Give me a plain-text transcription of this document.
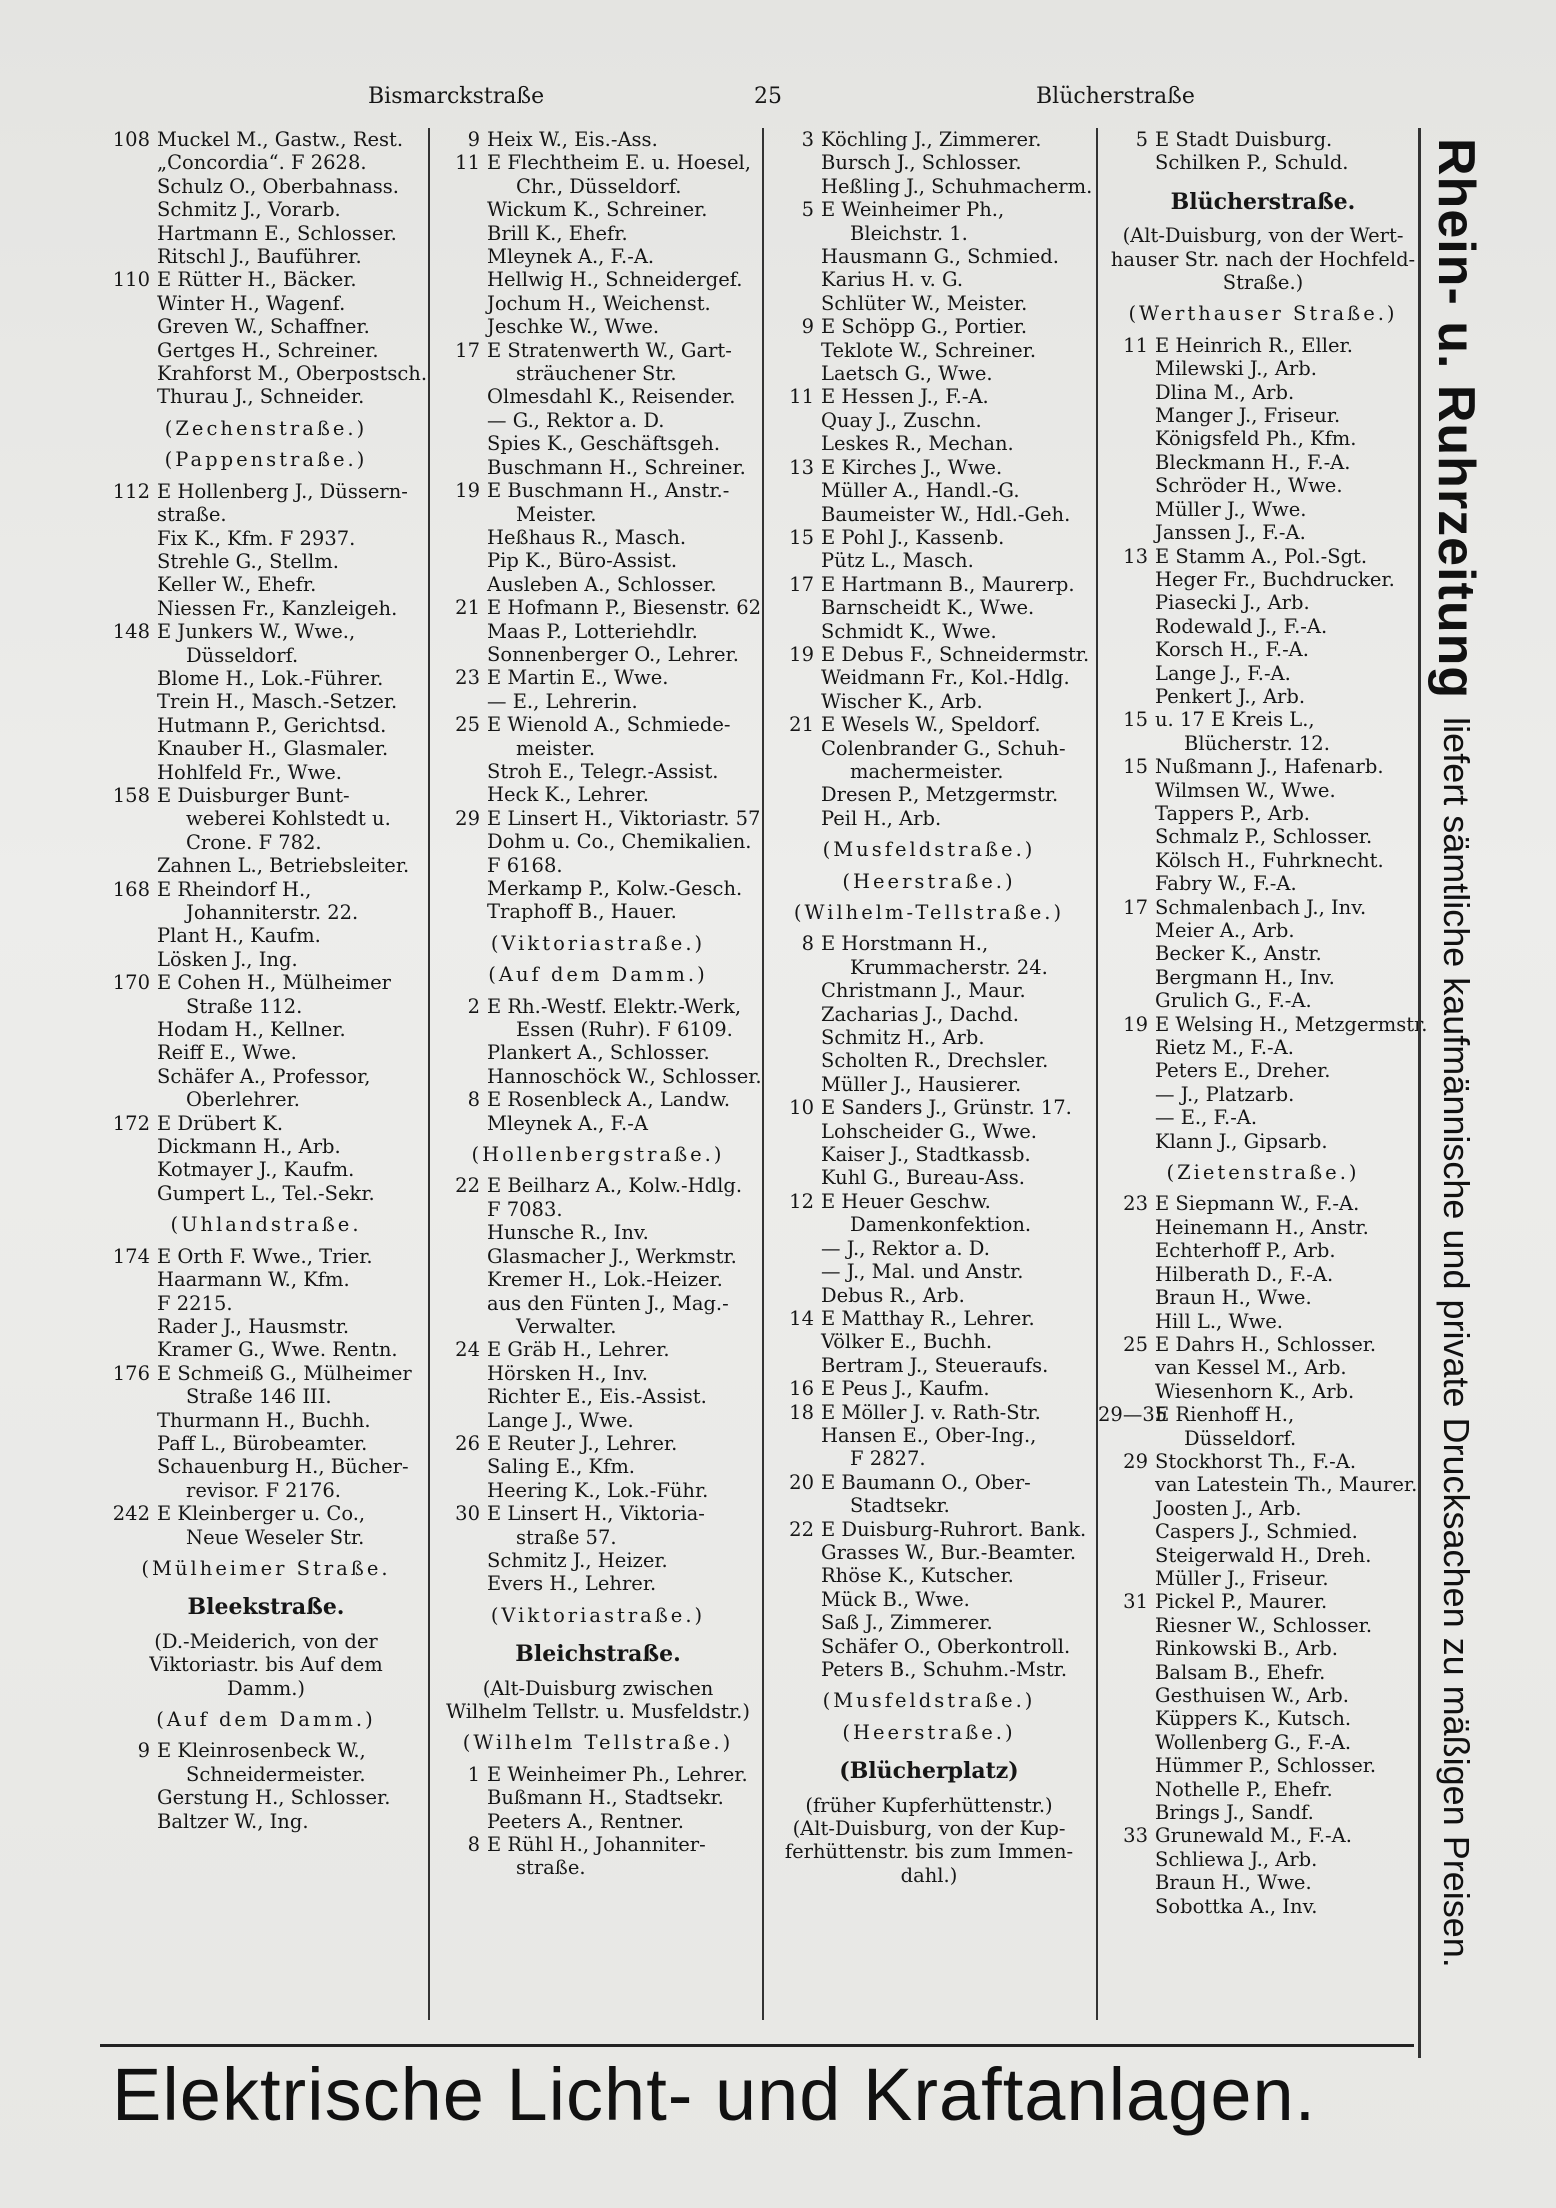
Bismarckstraße	25	Blücherstraße
108 Muckel M., Gastw., Rest.
„Concordia“. F 2628.
Schulz O., Oberbahnass.
Schmitz J., Vorarb.
Hartmann E., Schlosser.
Ritschl J., Bauführer.
110 E Rütter H., Bäcker.
Winter H., Wagenf.
Greven W., Schaffner.
Gertges H., Schreiner.
Krahforst M., Oberpostsch.
Thurau J., Schneider.
(Zechenstraße.)
(Pappenstraße.)
112 E Hollenberg J., Düssern-
straße.
Fix K., Kfm. F 2937.
Strehle G., Stellm.
Keller W., Ehefr.
Niessen Fr., Kanzleigeh.
148 E Junkers W., Wwe.,
Düsseldorf.
Blome H., Lok.-Führer.
Trein H., Masch.-Setzer.
Hutmann P., Gerichtsd.
Knauber H., Glasmaler.
Hohlfeld Fr., Wwe.
158 E Duisburger Bunt-
weberei Kohlstedt u.
Crone. F 782.
Zahnen L., Betriebsleiter.
168 E Rheindorf H.,
Johanniterstr. 22.
Plant H., Kaufm.
Lösken J., Ing.
170 E Cohen H., Mülheimer
Straße 112.
Hodam H., Kellner.
Reiff E., Wwe.
Schäfer A., Professor,
Oberlehrer.
172 E Drübert K.
Dickmann H., Arb.
Kotmayer J., Kaufm.
Gumpert L., Tel.-Sekr.
(Uhlandstraße.
174 E Orth F. Wwe., Trier.
Haarmann W., Kfm.
F 2215.
Rader J., Hausmstr.
Kramer G., Wwe. Rentn.
176 E Schmeiß G., Mülheimer
Straße 146 III.
Thurmann H., Buchh.
Paff L., Bürobeamter.
Schauenburg H., Bücher-
revisor. F 2176.
242 E Kleinberger u. Co.,
Neue Weseler Str.
(Mülheimer Straße.
Bleekstraße.
(D.-Meiderich, von der
Viktoriastr. bis Auf dem
Damm.)
(Auf dem Damm.)
9 E Kleinrosenbeck W.,
Schneidermeister.
Gerstung H., Schlosser.
Baltzer W., Ing.
9 Heix W., Eis.-Ass.
11 E Flechtheim E. u. Hoesel,
Chr., Düsseldorf.
Wickum K., Schreiner.
Brill K., Ehefr.
Mleynek A., F.-A.
Hellwig H., Schneidergef.
Jochum H., Weichenst.
Jeschke W., Wwe.
17 E Stratenwerth W., Gart-
sträuchener Str.
Olmesdahl K., Reisender.
— G., Rektor a. D.
Spies K., Geschäftsgeh.
Buschmann H., Schreiner.
19 E Buschmann H., Anstr.-
Meister.
Heßhaus R., Masch.
Pip K., Büro-Assist.
Ausleben A., Schlosser.
21 E Hofmann P., Biesenstr. 62
Maas P., Lotteriehdlr.
Sonnenberger O., Lehrer.
23 E Martin E., Wwe.
— E., Lehrerin.
25 E Wienold A., Schmiede-
meister.
Stroh E., Telegr.-Assist.
Heck K., Lehrer.
29 E Linsert H., Viktoriastr. 57
Dohm u. Co., Chemikalien.
F 6168.
Merkamp P., Kolw.-Gesch.
Traphoff B., Hauer.
(Viktoriastraße.)
(Auf dem Damm.)
2 E Rh.-Westf. Elektr.-Werk,
Essen (Ruhr). F 6109.
Plankert A., Schlosser.
Hannoschöck W., Schlosser.
8 E Rosenbleck A., Landw.
Mleynek A., F.-A
(Hollenbergstraße.)
22 E Beilharz A., Kolw.-Hdlg.
F 7083.
Hunsche R., Inv.
Glasmacher J., Werkmstr.
Kremer H., Lok.-Heizer.
aus den Fünten J., Mag.-
Verwalter.
24 E Gräb H., Lehrer.
Hörsken H., Inv.
Richter E., Eis.-Assist.
Lange J., Wwe.
26 E Reuter J., Lehrer.
Saling E., Kfm.
Heering K., Lok.-Führ.
30 E Linsert H., Viktoria-
straße 57.
Schmitz J., Heizer.
Evers H., Lehrer.
(Viktoriastraße.)
Bleichstraße.
(Alt-Duisburg zwischen
Wilhelm Tellstr. u. Musfeldstr.)
(Wilhelm Tellstraße.)
1 E Weinheimer Ph., Lehrer.
Bußmann H., Stadtsekr.
Peeters A., Rentner.
8 E Rühl H., Johanniter-
straße.
3 Köchling J., Zimmerer.
Bursch J., Schlosser.
Heßling J., Schuhmacherm.
5 E Weinheimer Ph.,
Bleichstr. 1.
Hausmann G., Schmied.
Karius H. v. G.
Schlüter W., Meister.
9 E Schöpp G., Portier.
Teklote W., Schreiner.
Laetsch G., Wwe.
11 E Hessen J., F.-A.
Quay J., Zuschn.
Leskes R., Mechan.
13 E Kirches J., Wwe.
Müller A., Handl.-G.
Baumeister W., Hdl.-Geh.
15 E Pohl J., Kassenb.
Pütz L., Masch.
17 E Hartmann B., Maurerp.
Barnscheidt K., Wwe.
Schmidt K., Wwe.
19 E Debus F., Schneidermstr.
Weidmann Fr., Kol.-Hdlg.
Wischer K., Arb.
21 E Wesels W., Speldorf.
Colenbrander G., Schuh-
machermeister.
Dresen P., Metzgermstr.
Peil H., Arb.
(Musfeldstraße.)
(Heerstraße.)
(Wilhelm-Tellstraße.)
8 E Horstmann H.,
Krummacherstr. 24.
Christmann J., Maur.
Zacharias J., Dachd.
Schmitz H., Arb.
Scholten R., Drechsler.
Müller J., Hausierer.
10 E Sanders J., Grünstr. 17.
Lohscheider G., Wwe.
Kaiser J., Stadtkassb.
Kuhl G., Bureau-Ass.
12 E Heuer Geschw.
Damenkonfektion.
— J., Rektor a. D.
— J., Mal. und Anstr.
Debus R., Arb.
14 E Matthay R., Lehrer.
Völker E., Buchh.
Bertram J., Steueraufs.
16 E Peus J., Kaufm.
18 E Möller J. v. Rath-Str.
Hansen E., Ober-Ing.,
F 2827.
20 E Baumann O., Ober-
Stadtsekr.
22 E Duisburg-Ruhrort. Bank.
Grasses W., Bur.-Beamter.
Rhöse K., Kutscher.
Mück B., Wwe.
Saß J., Zimmerer.
Schäfer O., Oberkontroll.
Peters B., Schuhm.-Mstr.
(Musfeldstraße.)
(Heerstraße.)
(Blücherplatz)
(früher Kupferhüttenstr.)
(Alt-Duisburg, von der Kup-
ferhüttenstr. bis zum Immen-
dahl.)
5 E Stadt Duisburg.
Schilken P., Schuld.
Blücherstraße.
(Alt-Duisburg, von der Wert-
hauser Str. nach der Hochfeld-
Straße.)
(Werthauser Straße.)
11 E Heinrich R., Eller.
Milewski J., Arb.
Dlina M., Arb.
Manger J., Friseur.
Königsfeld Ph., Kfm.
Bleckmann H., F.-A.
Schröder H., Wwe.
Müller J., Wwe.
Janssen J., F.-A.
13 E Stamm A., Pol.-Sgt.
Heger Fr., Buchdrucker.
Piasecki J., Arb.
Rodewald J., F.-A.
Korsch H., F.-A.
Lange J., F.-A.
Penkert J., Arb.
15 u. 17 E Kreis L.,
Blücherstr. 12.
15 Nußmann J., Hafenarb.
Wilmsen W., Wwe.
Tappers P., Arb.
Schmalz P., Schlosser.
Kölsch H., Fuhrknecht.
Fabry W., F.-A.
17 Schmalenbach J., Inv.
Meier A., Arb.
Becker K., Anstr.
Bergmann H., Inv.
Grulich G., F.-A.
19 E Welsing H., Metzgermstr.
Rietz M., F.-A.
Peters E., Dreher.
— J., Platzarb.
— E., F.-A.
Klann J., Gipsarb.
(Zietenstraße.)
23 E Siepmann W., F.-A.
Heinemann H., Anstr.
Echterhoff P., Arb.
Hilberath D., F.-A.
Braun H., Wwe.
Hill L., Wwe.
25 E Dahrs H., Schlosser.
van Kessel M., Arb.
Wiesenhorn K., Arb.
29—35E Rienhoff H.,
Düsseldorf.
29 Stockhorst Th., F.-A.
van Latestein Th., Maurer.
Joosten J., Arb.
Caspers J., Schmied.
Steigerwald H., Dreh.
Müller J., Friseur.
31 Pickel P., Maurer.
Riesner W., Schlosser.
Rinkowski B., Arb.
Balsam B., Ehefr.
Gesthuisen W., Arb.
Küppers K., Kutsch.
Wollenberg G., F.-A.
Hümmer P., Schlosser.
Nothelle P., Ehefr.
Brings J., Sandf.
33 Grunewald M., F.-A.
Schliewa J., Arb.
Braun H., Wwe.
Sobottka A., Inv.
Elektrische Licht- und Kraftanlagen.
Rhein- u. Ruhrzeitung
liefert sämtliche kaufmännische und private Drucksachen zu mäßigen Preisen.
